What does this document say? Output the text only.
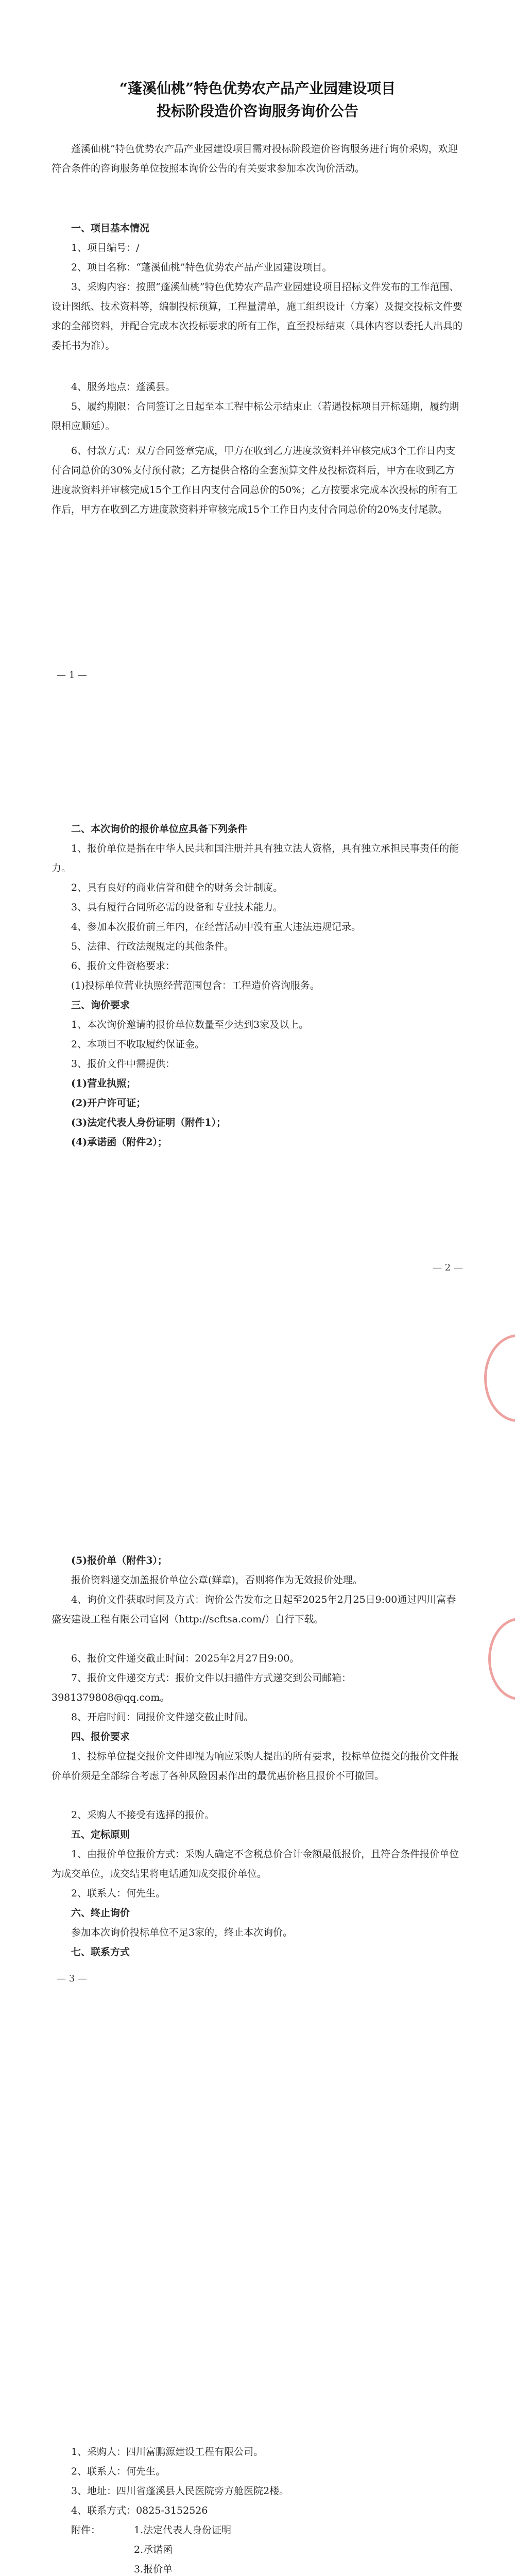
“蓬溪仙桃”特色优势农产品产业园建设项目
投标阶段造价咨询服务询价公告

蓬溪仙桃”特色优势农产品产业园建设项目需对投标阶段造价咨询服务进行询价采购，欢迎符合条件的咨询服务单位按照本询价公告的有关要求参加本次询价活动。

一、项目基本情况

1、项目编号：/

2、项目名称：“蓬溪仙桃”特色优势农产品产业园建设项目。

3、采购内容：按照“蓬溪仙桃”特色优势农产品产业园建设项目招标文件发布的工作范围、设计图纸、技术资料等，编制投标预算，工程量清单，施工组织设计（方案）及提交投标文件要求的全部资料，并配合完成本次投标要求的所有工作，直至投标结束（具体内容以委托人出具的委托书为准）。

4、服务地点：蓬溪县。

5、履约期限：合同签订之日起至本工程中标公示结束止（若遇投标项目开标延期，履约期限相应顺延）。

6、付款方式：双方合同签章完成，甲方在收到乙方进度款资料并审核完成3个工作日内支付合同总价的30%支付预付款；乙方提供合格的全套预算文件及投标资料后，甲方在收到乙方进度款资料并审核完成15个工作日内支付合同总价的50%；乙方按要求完成本次投标的所有工作后，甲方在收到乙方进度款资料并审核完成15个工作日内支付合同总价的20%支付尾款。

— 1 —

二、本次询价的报价单位应具备下列条件

1、报价单位是指在中华人民共和国注册并具有独立法人资格，具有独立承担民事责任的能力。

2、具有良好的商业信誉和健全的财务会计制度。

3、具有履行合同所必需的设备和专业技术能力。

4、参加本次报价前三年内，在经营活动中没有重大违法违规记录。

5、法律、行政法规规定的其他条件。

6、报价文件资格要求：

(1)投标单位营业执照经营范围包含：工程造价咨询服务。

三、询价要求

1、本次询价邀请的报价单位数量至少达到3家及以上。

2、本项目不收取履约保证金。

3、报价文件中需提供：

(1)营业执照；

(2)开户许可证；

(3)法定代表人身份证明（附件1）；

(4)承诺函（附件2）；

— 2 —

(5)报价单（附件3）；

报价资料递交加盖报价单位公章(鲜章)，否则将作为无效报价处理。

4、询价文件获取时间及方式：询价公告发布之日起至2025年2月25日9:00通过四川富春盛安建设工程有限公司官网（http://scftsa.com/）自行下载。

6、报价文件递交截止时间：2025年2月27日9:00。

7、报价文件递交方式：报价文件以扫描件方式递交到公司邮箱：3981379808@qq.com。

8、开启时间：同报价文件递交截止时间。

四、报价要求

1、投标单位提交报价文件即视为响应采购人提出的所有要求，投标单位提交的报价文件报价单价须是全部综合考虑了各种风险因素作出的最优惠价格且报价不可撤回。

2、采购人不接受有选择的报价。

五、定标原则

1、由报价单位报价方式：采购人确定不含税总价合计金额最低报价，且符合条件报价单位为成交单位，成交结果将电话通知成交报价单位。

2、联系人：何先生。

六、终止询价

参加本次询价投标单位不足3家的，终止本次询价。

七、联系方式

— 3 —

1、采购人：四川富鹏源建设工程有限公司。

2、联系人：何先生。

3、地址：四川省蓬溪县人民医院旁方舱医院2楼。

4、联系方式：0825-3152526

附件：	1.法定代表人身份证明

2.承诺函

3.报价单
